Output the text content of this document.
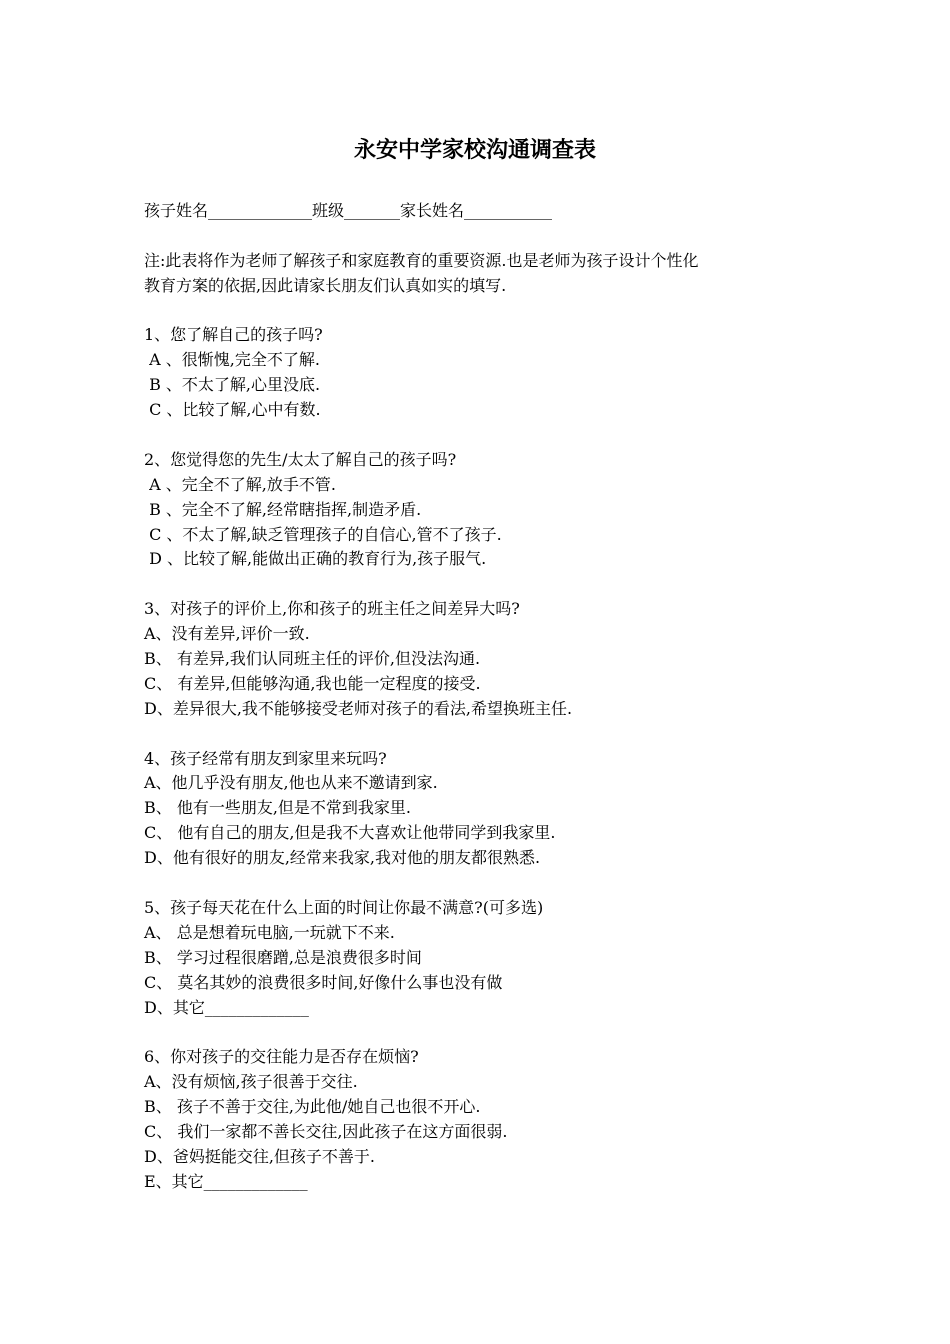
永安中学家校沟通调查表
孩子姓名_____________班级_______家长姓名___________
注:此表将作为老师了解孩子和家庭教育的重要资源.也是老师为孩子设计个性化
教育方案的依据,因此请家长朋友们认真如实的填写.
1、您了解自己的孩子吗?
A 、很惭愧,完全不了解.
B 、不太了解,心里没底.
C 、比较了解,心中有数.
2、您觉得您的先生/太太了解自己的孩子吗?
A 、完全不了解,放手不管.
B 、完全不了解,经常瞎指挥,制造矛盾.
C 、不太了解,缺乏管理孩子的自信心,管不了孩子.
D 、比较了解,能做出正确的教育行为,孩子服气.
3、对孩子的评价上,你和孩子的班主任之间差异大吗?
A、没有差异,评价一致.
B、 有差异,我们认同班主任的评价,但没法沟通.
C、 有差异,但能够沟通,我也能一定程度的接受.
D、差异很大,我不能够接受老师对孩子的看法,希望换班主任.
4、孩子经常有朋友到家里来玩吗?
A、他几乎没有朋友,他也从来不邀请到家.
B、 他有一些朋友,但是不常到我家里.
C、 他有自己的朋友,但是我不大喜欢让他带同学到我家里.
D、他有很好的朋友,经常来我家,我对他的朋友都很熟悉.
5、孩子每天花在什么上面的时间让你最不满意?(可多选)
A、 总是想着玩电脑,一玩就下不来.
B、 学习过程很磨蹭,总是浪费很多时间
C、 莫名其妙的浪费很多时间,好像什么事也没有做
D、其它_____________
6、你对孩子的交往能力是否存在烦恼?
A、没有烦恼,孩子很善于交往.
B、 孩子不善于交往,为此他/她自己也很不开心.
C、 我们一家都不善长交往,因此孩子在这方面很弱.
D、爸妈挺能交往,但孩子不善于.
E、其它_____________
